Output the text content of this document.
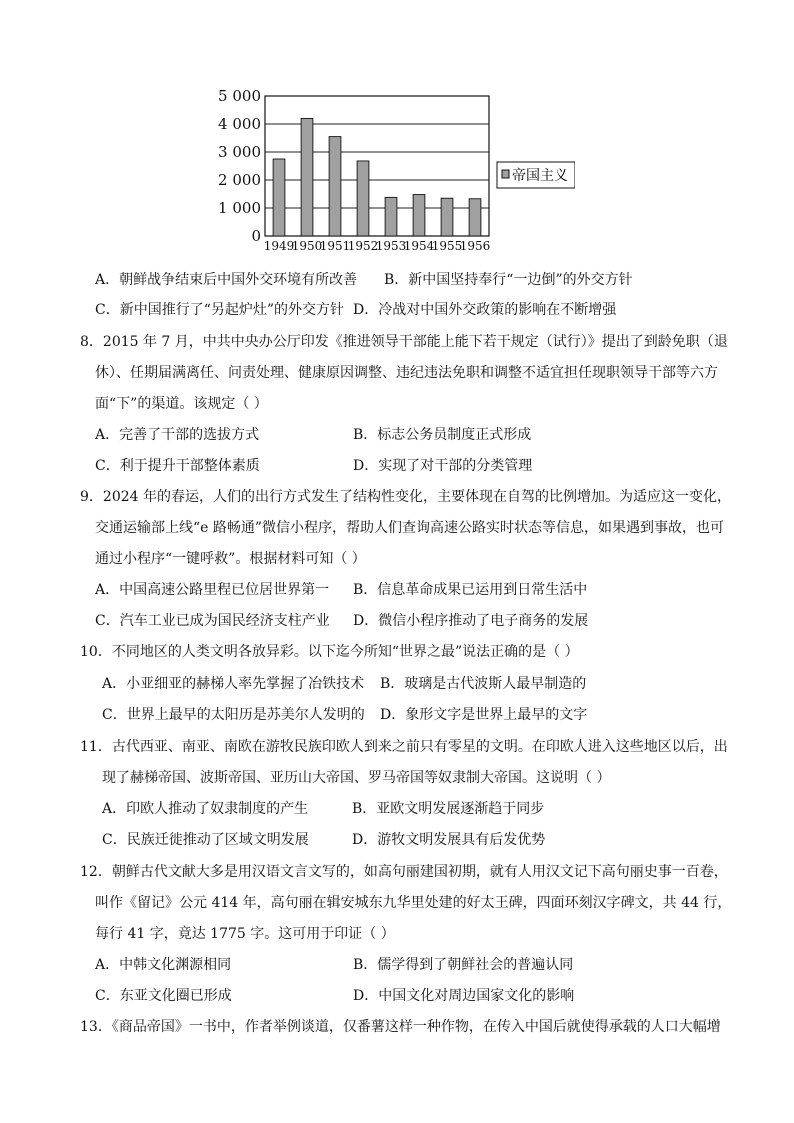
5 000
4 000
3 000
2 000
1 000
0
1949
1950
1951
1952
1953
1954
1955
1956
帝国主义
A．朝鲜战争结束后中国外交环境有所改善 B．新中国坚持奉行“一边倒”的外交方针
C．新中国推行了“另起炉灶”的外交方针 D．冷战对中国外交政策的影响在不断增强
8．2015 年 7 月，中共中央办公厅印发《推进领导干部能上能下若干规定（试行）》提出了到龄免职（退
休）、任期届满离任、问责处理、健康原因调整、违纪违法免职和调整不适宜担任现职领导干部等六方
面“下”的渠道。该规定（ ）
A．完善了干部的选拔方式	B．标志公务员制度正式形成
C．利于提升干部整体素质	D．实现了对干部的分类管理
9．2024 年的春运，人们的出行方式发生了结构性变化，主要体现在自驾的比例增加。为适应这一变化，
交通运输部上线“e 路畅通”微信小程序，帮助人们查询高速公路实时状态等信息，如果遇到事故，也可
通过小程序“一键呼救”。根据材料可知（ ）
A．中国高速公路里程已位居世界第一 B．信息革命成果已运用到日常生活中
C．汽车工业已成为国民经济支柱产业 D．微信小程序推动了电子商务的发展
10．不同地区的人类文明各放异彩。以下迄今所知“世界之最”说法正确的是（ ）
A．小亚细亚的赫梯人率先掌握了冶铁技术 B．玻璃是古代波斯人最早制造的
C．世界上最早的太阳历是苏美尔人发明的 D．象形文字是世界上最早的文字
11．古代西亚、南亚、南欧在游牧民族印欧人到来之前只有零星的文明。在印欧人进入这些地区以后，出
现了赫梯帝国、波斯帝国、亚历山大帝国、罗马帝国等奴隶制大帝国。这说明（ ）
A．印欧人推动了奴隶制度的产生	B．亚欧文明发展逐渐趋于同步
C．民族迁徙推动了区域文明发展	D．游牧文明发展具有后发优势
12．朝鲜古代文献大多是用汉语文言文写的，如高句丽建国初期，就有人用汉文记下高句丽史事一百卷，
叫作《留记》公元 414 年，高句丽在辑安城东九华里处建的好太王碑，四面环刻汉字碑文，共 44 行，
每行 41 字，竟达 1775 字。这可用于印证（ ）
A．中韩文化渊源相同	B．儒学得到了朝鲜社会的普遍认同
C．东亚文化圈已形成	D．中国文化对周边国家文化的影响
13．《商品帝国》一书中，作者举例谈道，仅番薯这样一种作物，在传入中国后就使得承载的人口大幅增
